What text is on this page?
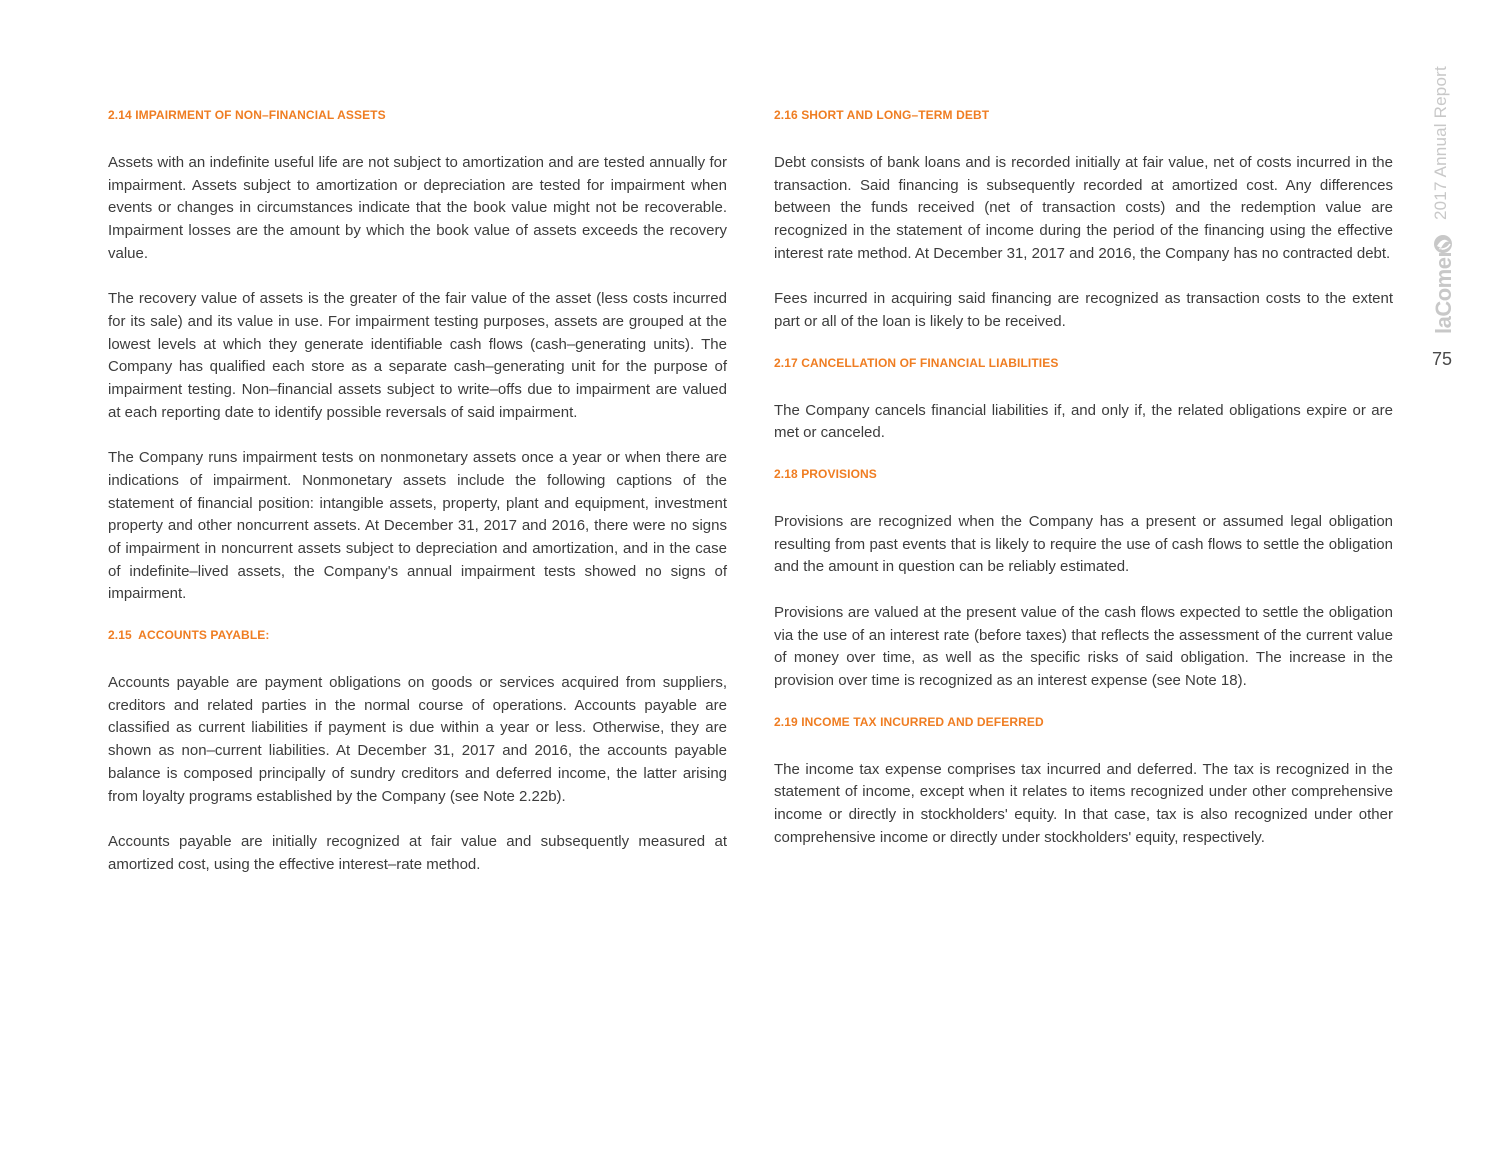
2.14 IMPAIRMENT OF NON–FINANCIAL ASSETS

Assets with an indefinite useful life are not subject to amortization and are tested annually for impairment. Assets subject to amortization or depreciation are tested for impairment when events or changes in circumstances indicate that the book value might not be recoverable. Impairment losses are the amount by which the book value of assets exceeds the recovery value.

The recovery value of assets is the greater of the fair value of the asset (less costs incurred for its sale) and its value in use. For impairment testing purposes, assets are grouped at the lowest levels at which they generate identifiable cash flows (cash–generating units). The Company has qualified each store as a separate cash–generating unit for the purpose of impairment testing. Non–financial assets subject to write–offs due to impairment are valued at each reporting date to identify possible reversals of said impairment.

The Company runs impairment tests on nonmonetary assets once a year or when there are indications of impairment. Nonmonetary assets include the following captions of the statement of financial position: intangible assets, property, plant and equipment, investment property and other noncurrent assets. At December 31, 2017 and 2016, there were no signs of impairment in noncurrent assets subject to depreciation and amortization, and in the case of indefinite–lived assets, the Company's annual impairment tests showed no signs of impairment.

2.15  ACCOUNTS PAYABLE:

Accounts payable are payment obligations on goods or services acquired from suppliers, creditors and related parties in the normal course of operations. Accounts payable are classified as current liabilities if payment is due within a year or less. Otherwise, they are shown as non–current liabilities. At December 31, 2017 and 2016, the accounts payable balance is composed principally of sundry creditors and deferred income, the latter arising from loyalty programs established by the Company (see Note 2.22b).

Accounts payable are initially recognized at fair value and subsequently measured at amortized cost, using the effective interest–rate method.

2.16 SHORT AND LONG–TERM DEBT

Debt consists of bank loans and is recorded initially at fair value, net of costs incurred in the transaction. Said financing is subsequently recorded at amortized cost. Any differences between the funds received (net of transaction costs) and the redemption value are recognized in the statement of income during the period of the financing using the effective interest rate method. At December 31, 2017 and 2016, the Company has no contracted debt.

Fees incurred in acquiring said financing are recognized as transaction costs to the extent part or all of the loan is likely to be received.

2.17 CANCELLATION OF FINANCIAL LIABILITIES

The Company cancels financial liabilities if, and only if, the related obligations expire or are met or canceled.

2.18 PROVISIONS

Provisions are recognized when the Company has a present or assumed legal obligation resulting from past events that is likely to require the use of cash flows to settle the obligation and the amount in question can be reliably estimated.

Provisions are valued at the present value of the cash flows expected to settle the obligation via the use of an interest rate (before taxes) that reflects the assessment of the current value of money over time, as well as the specific risks of said obligation. The increase in the provision over time is recognized as an interest expense (see Note 18).

2.19 INCOME TAX INCURRED AND DEFERRED

The income tax expense comprises tax incurred and deferred. The tax is recognized in the statement of income, except when it relates to items recognized under other comprehensive income or directly in stockholders' equity. In that case, tax is also recognized under other comprehensive income or directly under stockholders' equity, respectively.

2017 Annual Report
laComer
75
